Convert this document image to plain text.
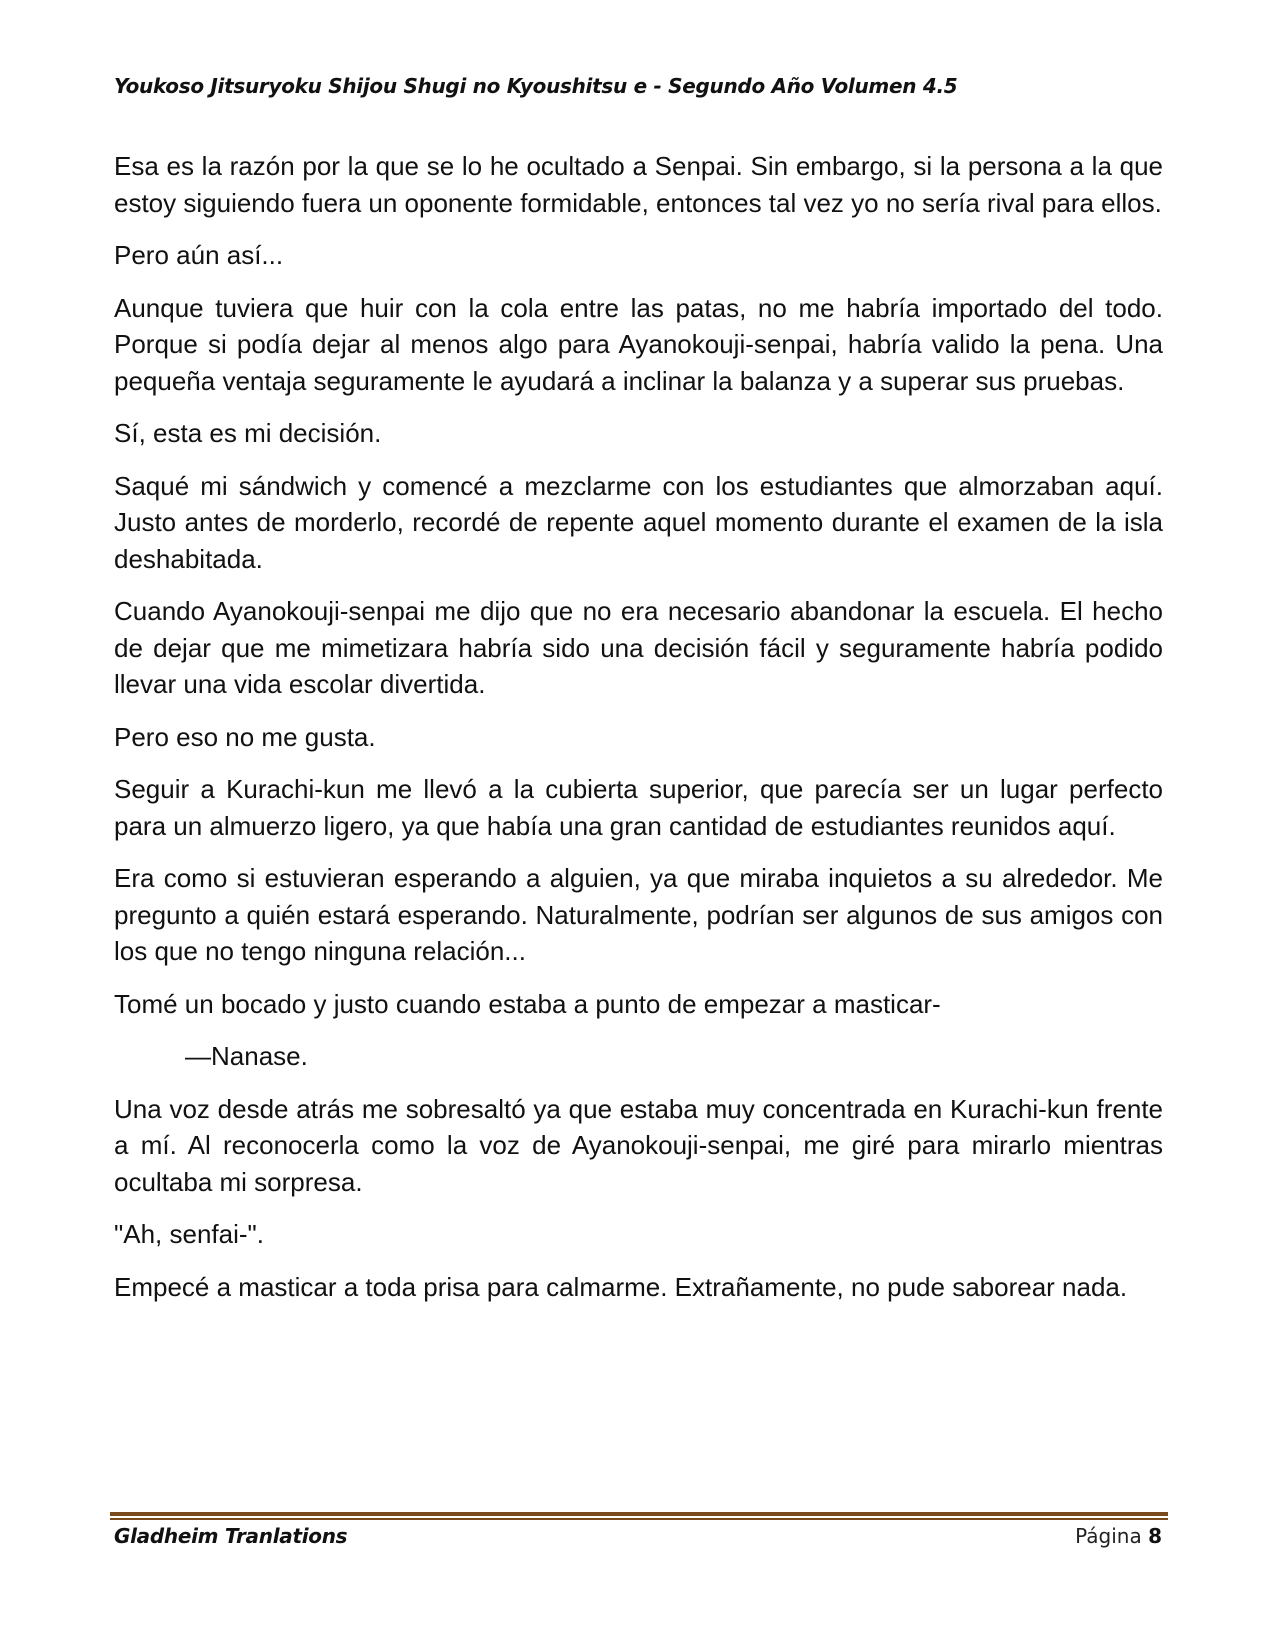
Youkoso Jitsuryoku Shijou Shugi no Kyoushitsu e - Segundo Año Volumen 4.5

Esa es la razón por la que se lo he ocultado a Senpai. Sin embargo, si la persona a la que estoy siguiendo fuera un oponente formidable, entonces tal vez yo no sería rival para ellos.

Pero aún así...

Aunque tuviera que huir con la cola entre las patas, no me habría importado del todo. Porque si podía dejar al menos algo para Ayanokouji-senpai, habría valido la pena. Una pequeña ventaja seguramente le ayudará a inclinar la balanza y a superar sus pruebas.

Sí, esta es mi decisión.

Saqué mi sándwich y comencé a mezclarme con los estudiantes que almorzaban aquí. Justo antes de morderlo, recordé de repente aquel momento durante el examen de la isla deshabitada.

Cuando Ayanokouji-senpai me dijo que no era necesario abandonar la escuela. El hecho de dejar que me mimetizara habría sido una decisión fácil y seguramente habría podido llevar una vida escolar divertida.

Pero eso no me gusta.

Seguir a Kurachi-kun me llevó a la cubierta superior, que parecía ser un lugar perfecto para un almuerzo ligero, ya que había una gran cantidad de estudiantes reunidos aquí.

Era como si estuvieran esperando a alguien, ya que miraba inquietos a su alrededor. Me pregunto a quién estará esperando. Naturalmente, podrían ser algunos de sus amigos con los que no tengo ninguna relación...

Tomé un bocado y justo cuando estaba a punto de empezar a masticar-

—Nanase.

Una voz desde atrás me sobresaltó ya que estaba muy concentrada en Kurachi-kun frente a mí. Al reconocerla como la voz de Ayanokouji-senpai, me giré para mirarlo mientras ocultaba mi sorpresa.

"Ah, senfai-".

Empecé a masticar a toda prisa para calmarme. Extrañamente, no pude saborear nada.

Gladheim Tranlations	Página 8
